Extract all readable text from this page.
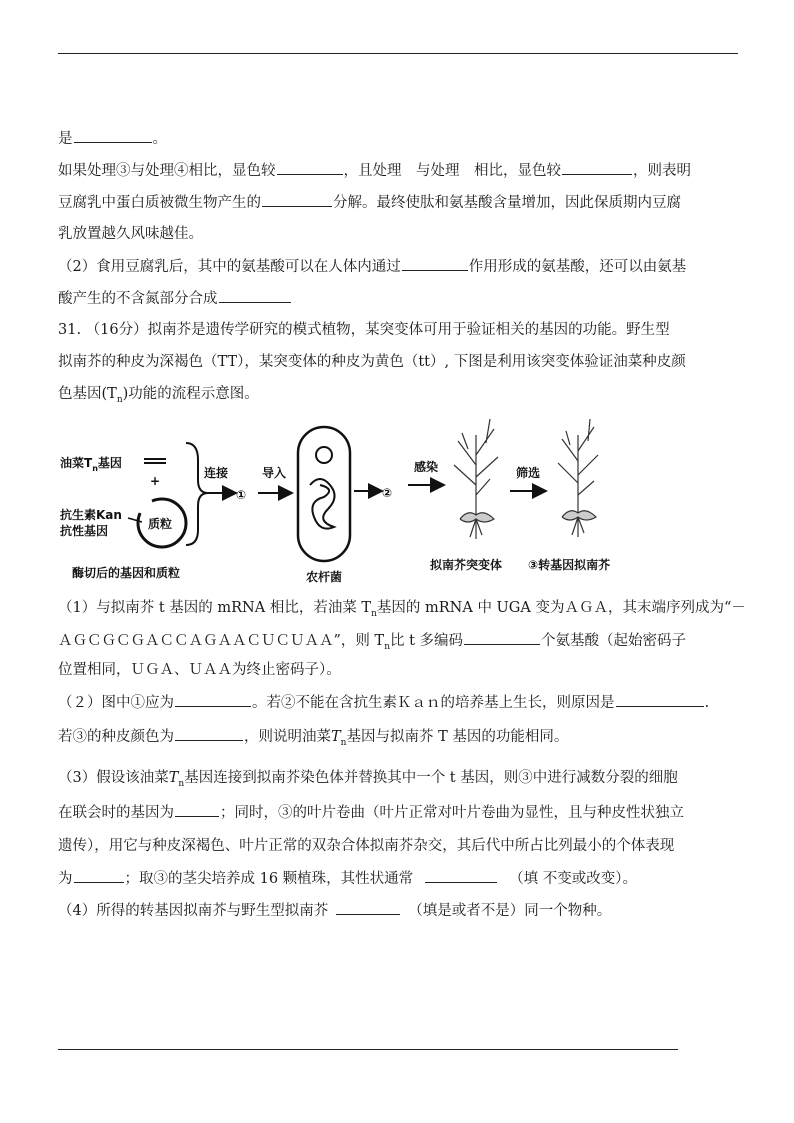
是	。
如果处理③与处理④相比，显色较	，且处理　与处理　相比，显色较	，则表明
豆腐乳中蛋白质被微生物产生的	分解。最终使肽和氨基酸含量增加，因此保质期内豆腐
乳放置越久风味越佳。
（2）食用豆腐乳后，其中的氨基酸可以在人体内通过	作用形成的氨基酸，还可以由氨基
酸产生的不含氮部分合成
31. （16分）拟南芥是遗传学研究的模式植物，某突变体可用于验证相关的基因的功能。野生型
拟南芥的种皮为深褐色（TT），某突变体的种皮为黄色（tt）, 下图是利用该突变体验证油菜种皮颜
色基因$(T_n)$功能的流程示意图。
油菜$T_n$基因
+
抗生素Kan
抗性基因	质粒
酶切后的基因和质粒
连接
①
导入
农杆菌
②
感染
拟南芥突变体
筛选
③转基因拟南芥
（1）与拟南芥 t 基因的 mRNA 相比，若油菜 $T_n$基因的 mRNA 中 UGA 变为ＡＧＡ，其末端序列成为“－
ＡＧＣＧＣＧＡＣＣＡＧＡＡＣＵＣＵＡＡ”，则 $T_n$比 t 多编码	个氨基酸（起始密码子
位置相同，ＵＧＡ、ＵＡＡ为终止密码子）。
（２）图中①应为	。若②不能在含抗生素Ｋａｎ的培养基上生长，则原因是	.
若③的种皮颜色为	，则说明油菜$T_n$基因与拟南芥 T 基因的功能相同。
（3）假设该油菜$T_n$基因连接到拟南芥染色体并替换其中一个 t 基因，则③中进行减数分裂的细胞
在联会时的基因为	；同时，③的叶片卷曲（叶片正常对叶片卷曲为显性，且与种皮性状独立
遗传），用它与种皮深褐色、叶片正常的双杂合体拟南芥杂交，其后代中所占比列最小的个体表现
为	；取③的茎尖培养成 16 颗植珠，其性状通常	（填 不变或改变）。
（4）所得的转基因拟南芥与野生型拟南芥	（填是或者不是）同一个物种。
